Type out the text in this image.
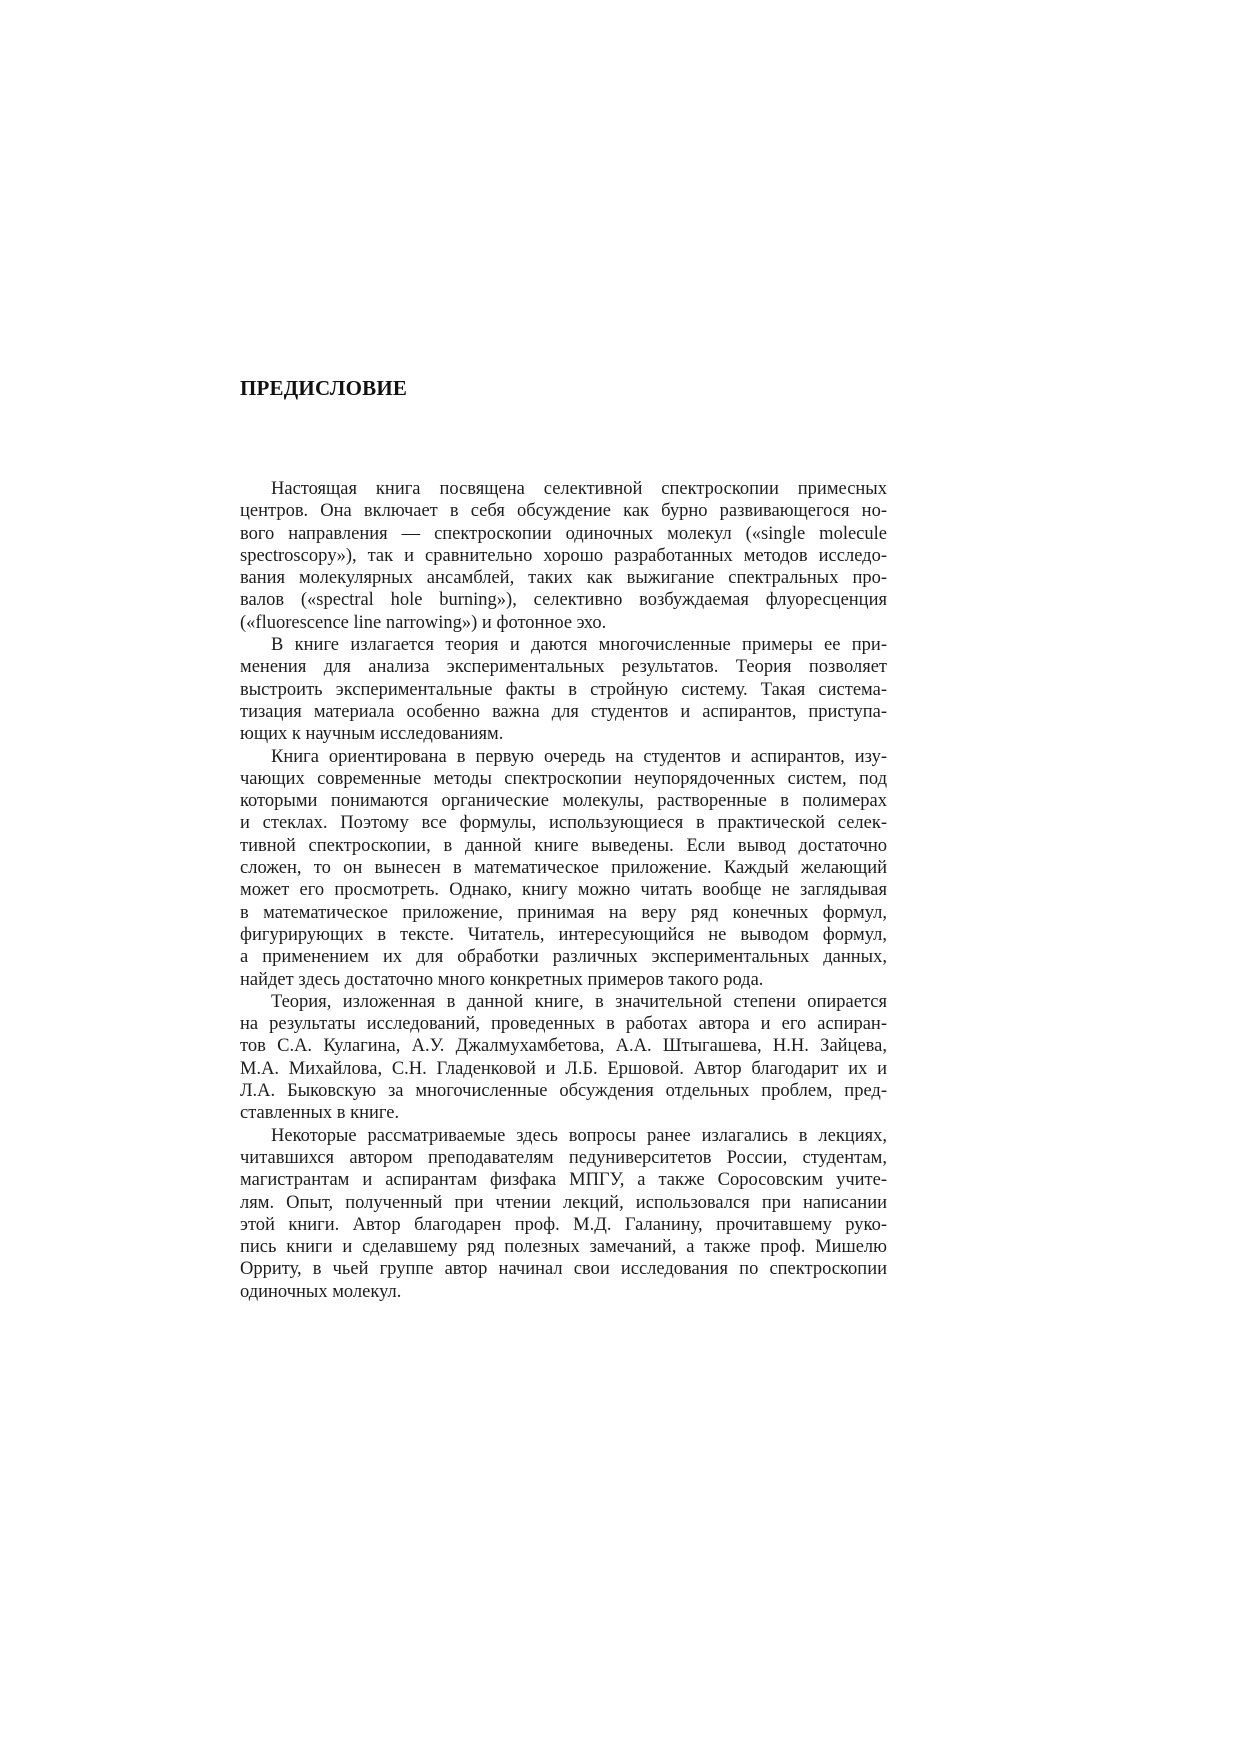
ПРЕДИСЛОВИЕ

Настоящая книга посвящена селективной спектроскопии примесных
центров. Она включает в себя обсуждение как бурно развивающегося но-
вого направления — спектроскопии одиночных молекул («single molecule
spectroscopy»), так и сравнительно хорошо разработанных методов исследо-
вания молекулярных ансамблей, таких как выжигание спектральных про-
валов («spectral hole burning»), селективно возбуждаемая флуоресценция
(«fluorescence line narrowing») и фотонное эхо.

В книге излагается теория и даются многочисленные примеры ее при-
менения для анализа экспериментальных результатов. Теория позволяет
выстроить экспериментальные факты в стройную систему. Такая система-
тизация материала особенно важна для студентов и аспирантов, приступа-
ющих к научным исследованиям.

Книга ориентирована в первую очередь на студентов и аспирантов, изу-
чающих современные методы спектроскопии неупорядоченных систем, под
которыми понимаются органические молекулы, растворенные в полимерах
и стеклах. Поэтому все формулы, использующиеся в практической селек-
тивной спектроскопии, в данной книге выведены. Если вывод достаточно
сложен, то он вынесен в математическое приложение. Каждый желающий
может его просмотреть. Однако, книгу можно читать вообще не заглядывая
в математическое приложение, принимая на веру ряд конечных формул,
фигурирующих в тексте. Читатель, интересующийся не выводом формул,
а применением их для обработки различных экспериментальных данных,
найдет здесь достаточно много конкретных примеров такого рода.

Теория, изложенная в данной книге, в значительной степени опирается
на результаты исследований, проведенных в работах автора и его аспиран-
тов С.А. Кулагина, А.У. Джалмухамбетова, А.А. Штыгашева, Н.Н. Зайцева,
М.А. Михайлова, С.Н. Гладенковой и Л.Б. Ершовой. Автор благодарит их и
Л.А. Быковскую за многочисленные обсуждения отдельных проблем, пред-
ставленных в книге.

Некоторые рассматриваемые здесь вопросы ранее излагались в лекциях,
читавшихся автором преподавателям педуниверситетов России, студентам,
магистрантам и аспирантам физфака МПГУ, а также Соросовским учите-
лям. Опыт, полученный при чтении лекций, использовался при написании
этой книги. Автор благодарен проф. М.Д. Галанину, прочитавшему руко-
пись книги и сделавшему ряд полезных замечаний, а также проф. Мишелю
Орриту, в чьей группе автор начинал свои исследования по спектроскопии
одиночных молекул.
